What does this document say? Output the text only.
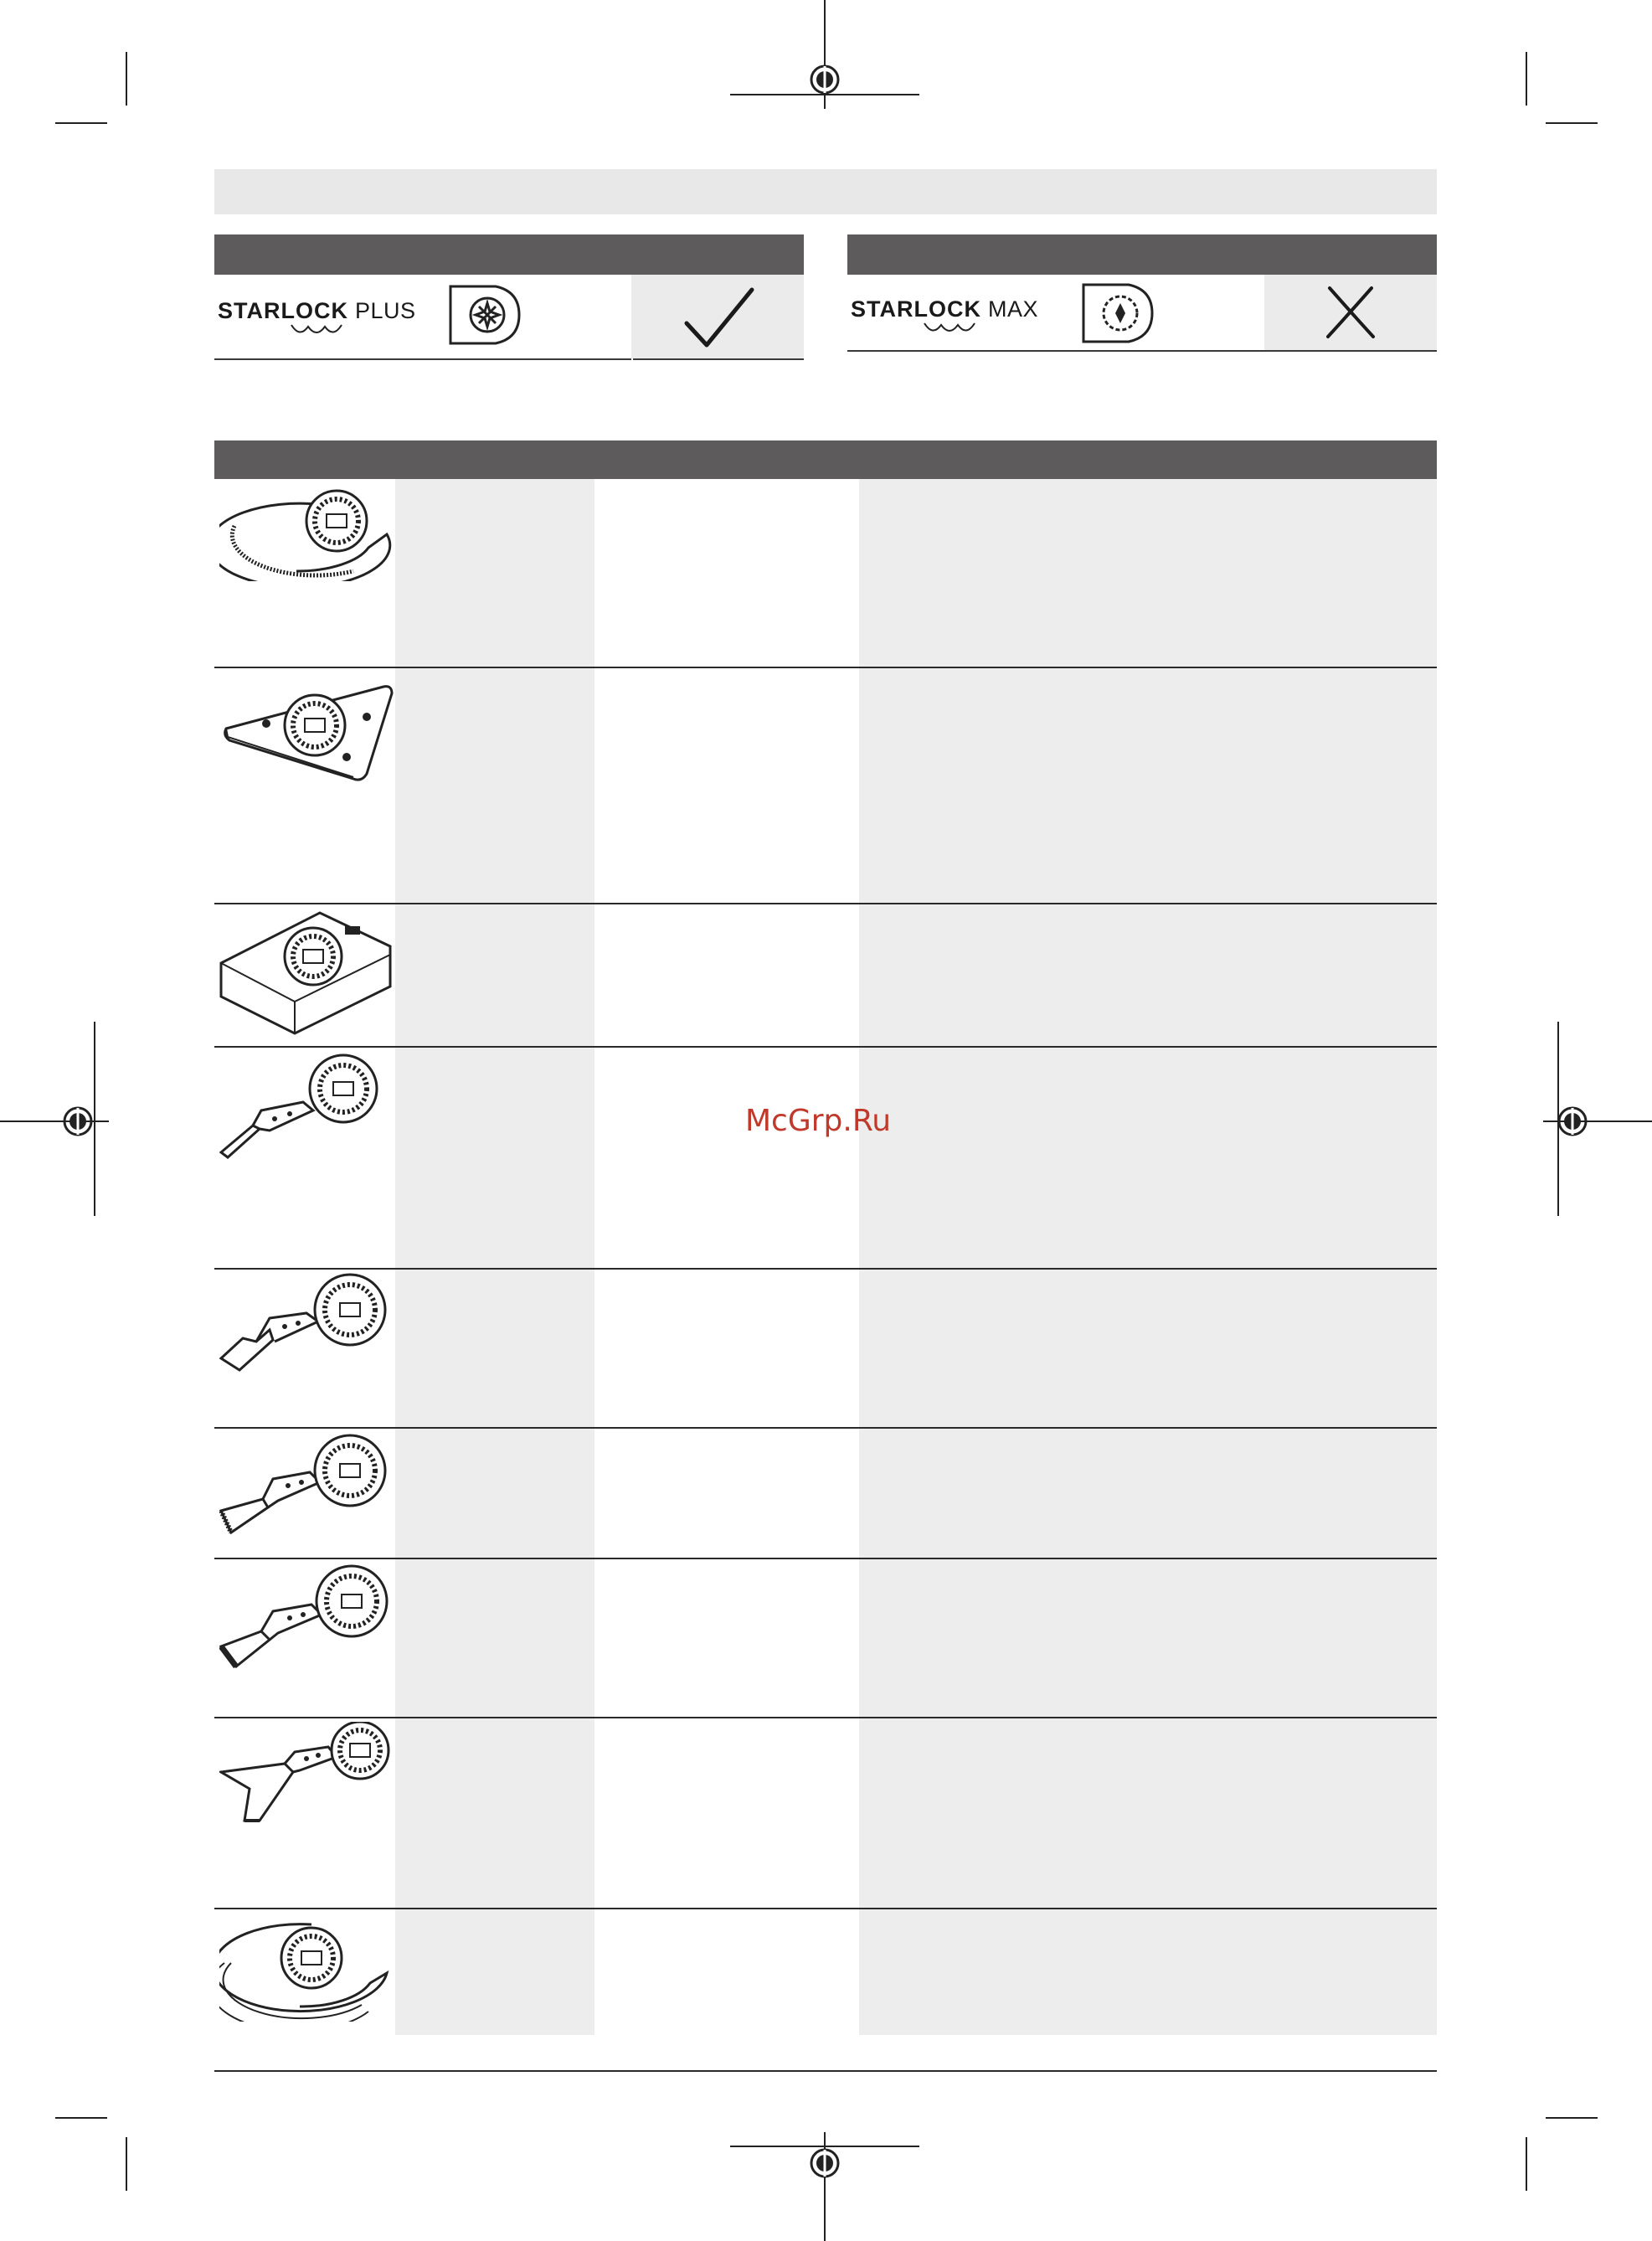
STARLOCK PLUS	STARLOCK MAX
McGrp.Ru
